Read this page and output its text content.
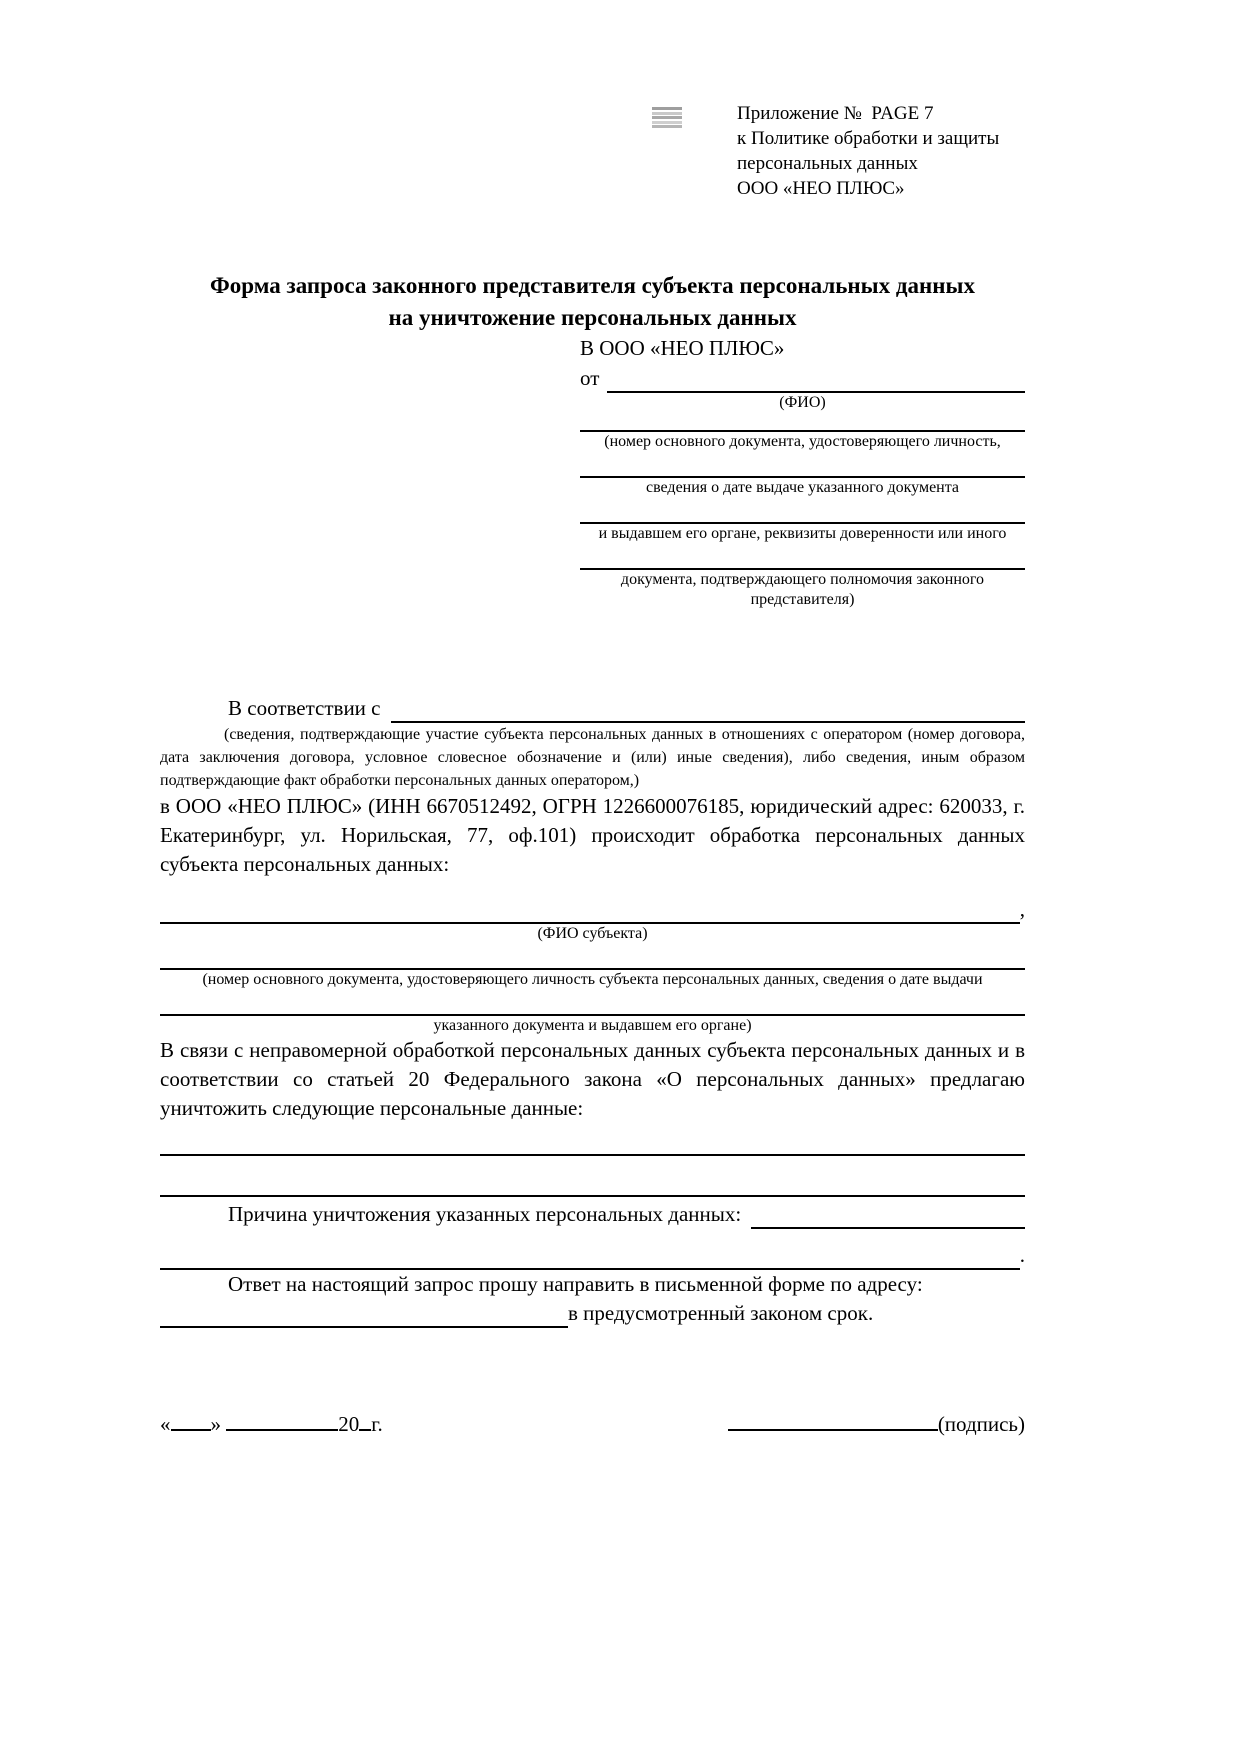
Приложение №  PAGE 7
к Политике обработки и защиты
персональных данных
ООО «НЕО ПЛЮС»
Форма запроса законного представителя субъекта персональных данных
на уничтожение персональных данных
В ООО «НЕО ПЛЮС»
от
(ФИО)
(номер основного документа, удостоверяющего личность,
сведения о дате выдаче указанного документа
и выдавшем его органе, реквизиты доверенности или иного
документа, подтверждающего полномочия законного представителя)
В соответствии с
(сведения, подтверждающие участие субъекта персональных данных в отношениях с оператором (номер договора, дата заключения договора, условное словесное обозначение и (или) иные сведения), либо сведения, иным образом подтверждающие факт обработки персональных данных оператором,)
в ООО «НЕО ПЛЮС» (ИНН 6670512492, ОГРН 1226600076185, юридический адрес: 620033, г. Екатеринбург, ул. Норильская, 77, оф.101) происходит обработка персональных данных субъекта персональных данных:
,
(ФИО субъекта)
(номер основного документа, удостоверяющего личность субъекта персональных данных, сведения о дате выдачи
указанного документа и выдавшем его органе)
В связи с неправомерной обработкой персональных данных субъекта персональных данных и в соответствии со статьей 20 Федерального закона «О персональных данных» предлагаю уничтожить следующие персональные данные:
Причина уничтожения указанных персональных данных:
.
Ответ на настоящий запрос прошу направить в письменной форме по адресу:
в предусмотренный законом срок.
« »	20 г.	(подпись)
